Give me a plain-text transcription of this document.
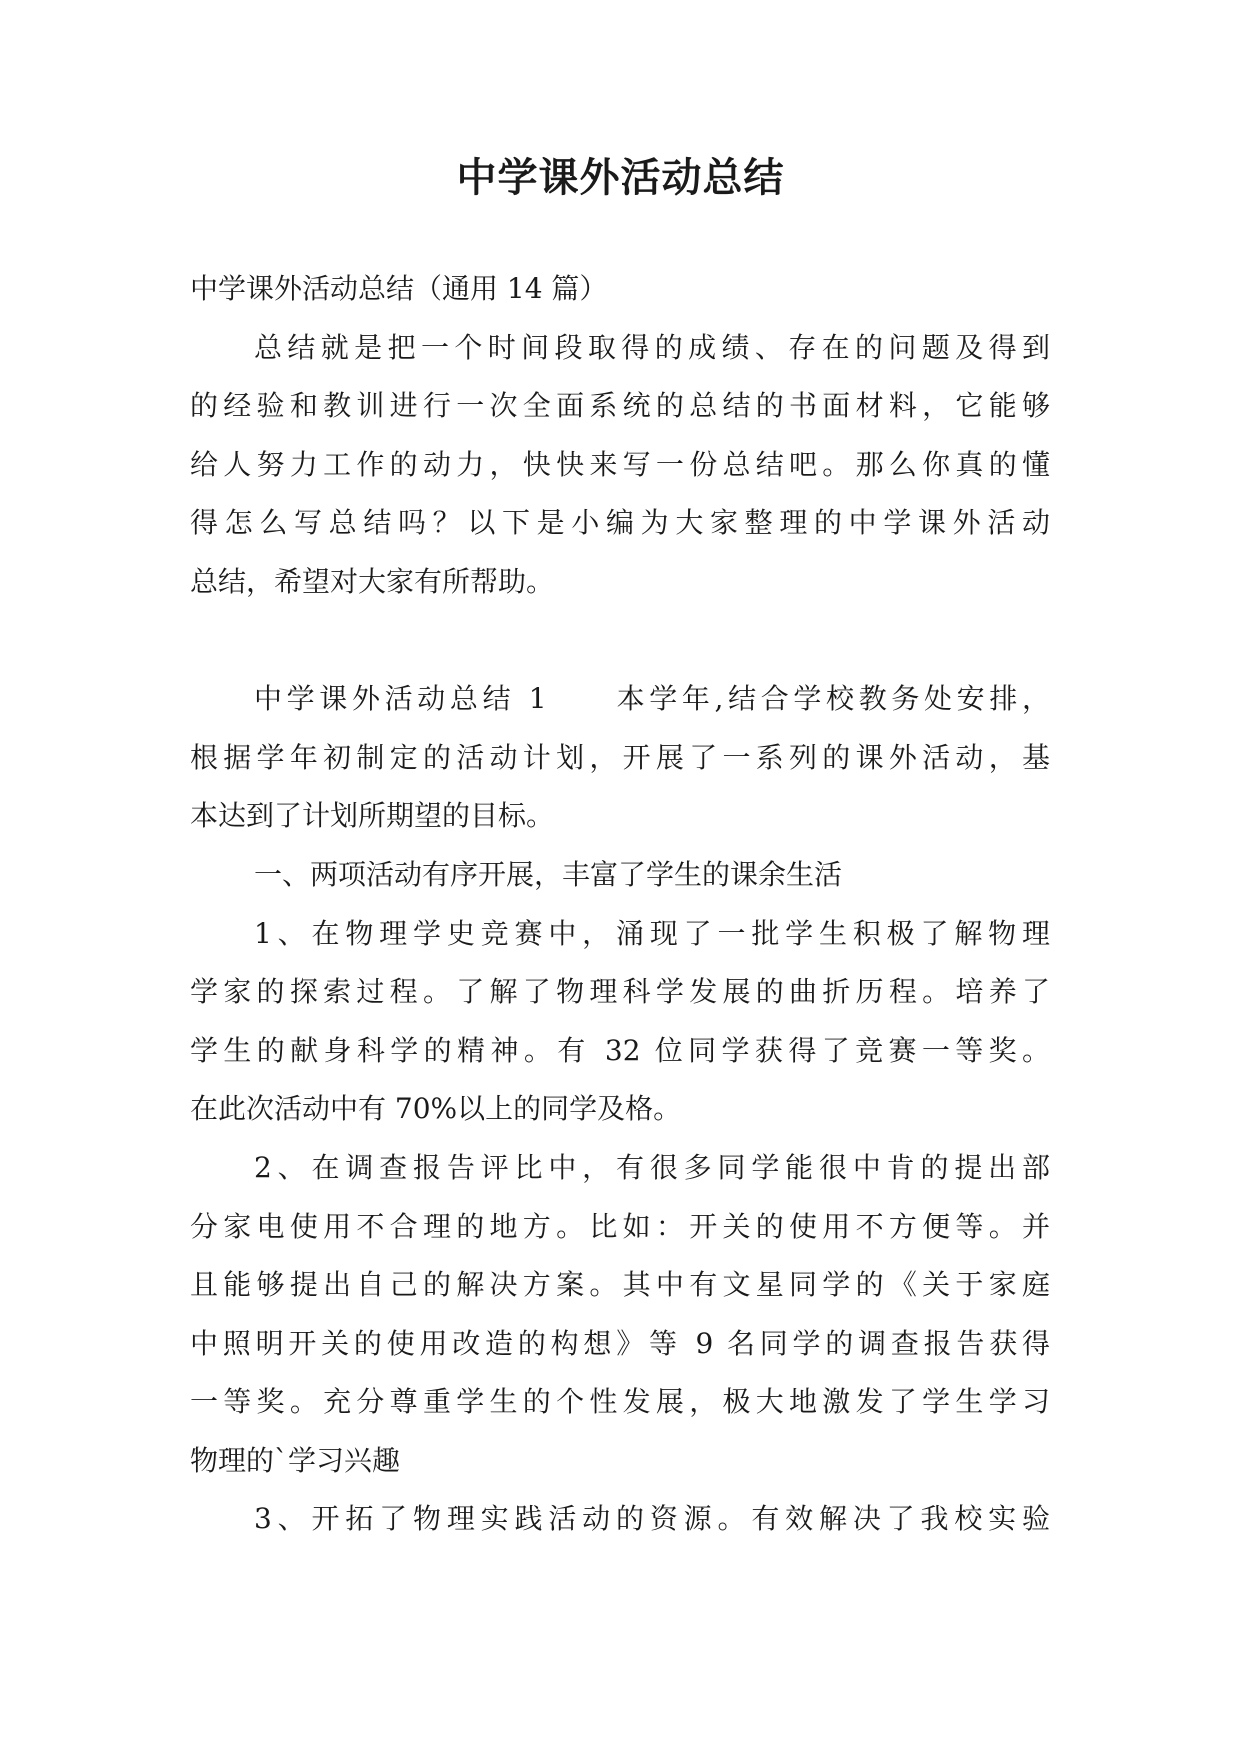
中学课外活动总结
中学课外活动总结（通用 14 篇）
总结就是把一个时间段取得的成绩、存在的问题及得到
的经验和教训进行一次全面系统的总结的书面材料，它能够
给人努力工作的动力，快快来写一份总结吧。那么你真的懂
得怎么写总结吗？以下是小编为大家整理的中学课外活动
总结，希望对大家有所帮助。
中学课外活动总结 1　　本学年,结合学校教务处安排，
根据学年初制定的活动计划，开展了一系列的课外活动，基
本达到了计划所期望的目标。
一、两项活动有序开展，丰富了学生的课余生活
1、在物理学史竞赛中，涌现了一批学生积极了解物理
学家的探索过程。了解了物理科学发展的曲折历程。培养了
学生的献身科学的精神。有 32 位同学获得了竞赛一等奖。
在此次活动中有 70%以上的同学及格。
2、在调查报告评比中，有很多同学能很中肯的提出部
分家电使用不合理的地方。比如：开关的使用不方便等。并
且能够提出自己的解决方案。其中有文星同学的《关于家庭
中照明开关的使用改造的构想》等 9 名同学的调查报告获得
一等奖。充分尊重学生的个性发展，极大地激发了学生学习
物理的`学习兴趣
3、开拓了物理实践活动的资源。有效解决了我校实验
